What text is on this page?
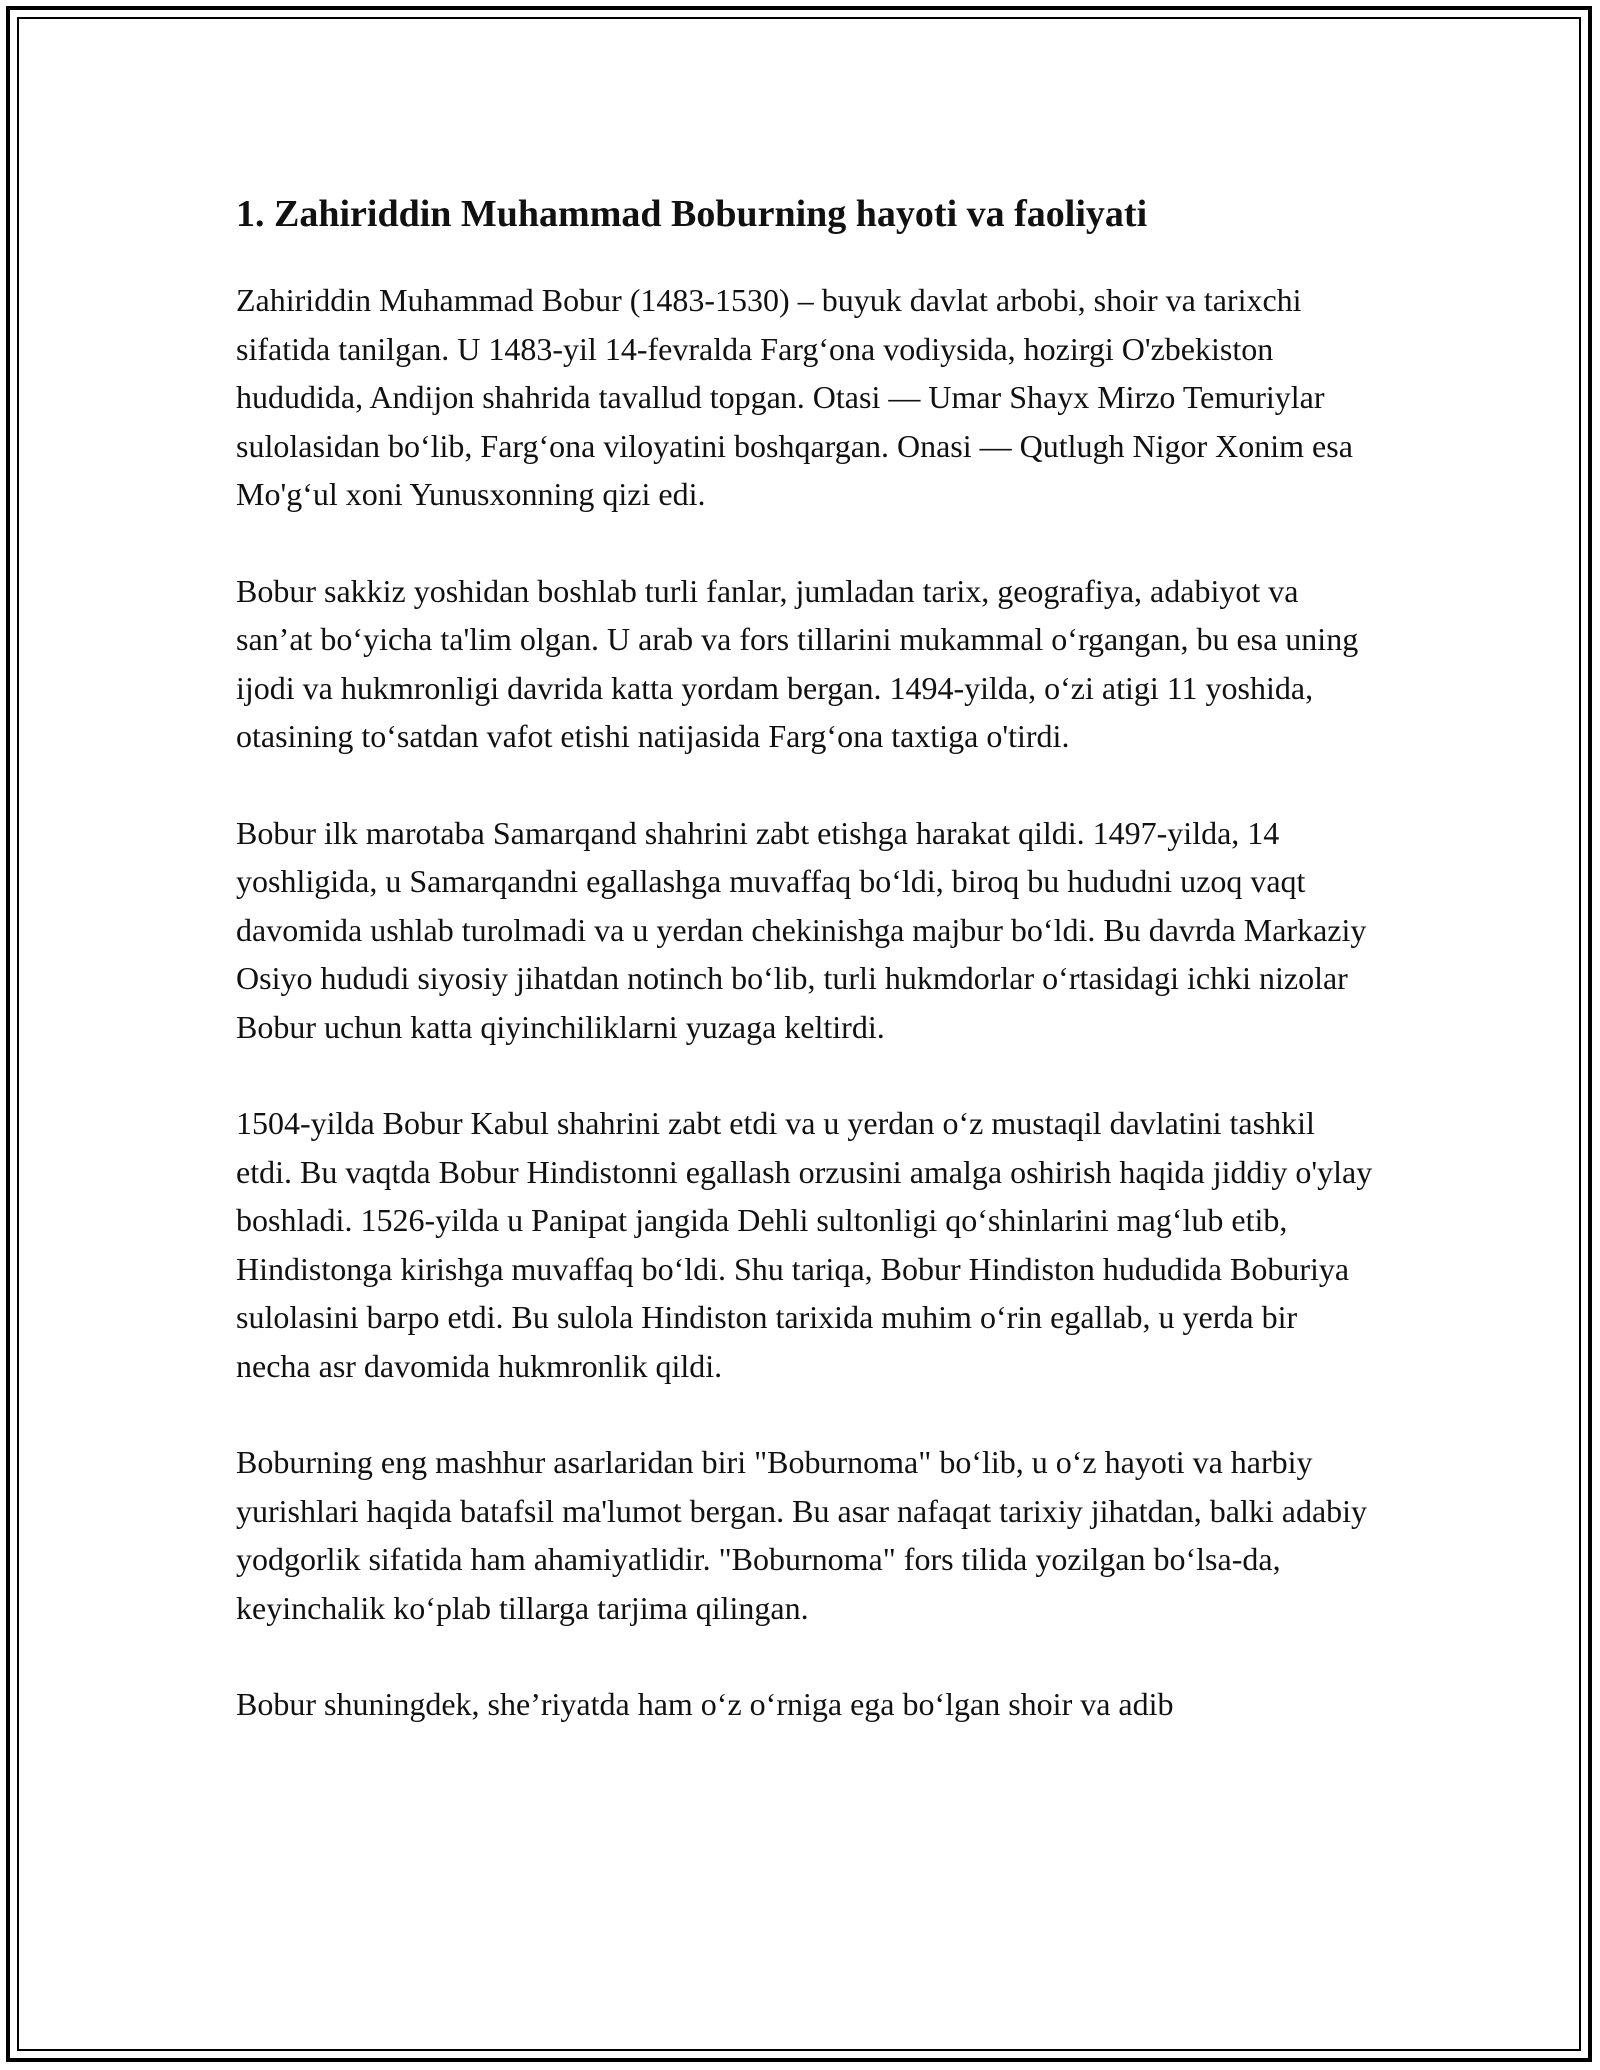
1. Zahiriddin Muhammad Boburning hayoti va faoliyati

Zahiriddin Muhammad Bobur (1483-1530) – buyuk davlat arbobi, shoir va tarixchi sifatida tanilgan. U 1483-yil 14-fevralda Farg‘ona vodiysida, hozirgi O'zbekiston hududida, Andijon shahrida tavallud topgan. Otasi — Umar Shayx Mirzo Temuriylar sulolasidan bo‘lib, Farg‘ona viloyatini boshqargan. Onasi — Qutlugh Nigor Xonim esa Mo'g‘ul xoni Yunusxonning qizi edi.

Bobur sakkiz yoshidan boshlab turli fanlar, jumladan tarix, geografiya, adabiyot va san’at bo‘yicha ta'lim olgan. U arab va fors tillarini mukammal o‘rgangan, bu esa uning ijodi va hukmronligi davrida katta yordam bergan. 1494-yilda, o‘zi atigi 11 yoshida, otasining to‘satdan vafot etishi natijasida Farg‘ona taxtiga o'tirdi.

Bobur ilk marotaba Samarqand shahrini zabt etishga harakat qildi. 1497-yilda, 14 yoshligida, u Samarqandni egallashga muvaffaq bo‘ldi, biroq bu hududni uzoq vaqt davomida ushlab turolmadi va u yerdan chekinishga majbur bo‘ldi. Bu davrda Markaziy Osiyo hududi siyosiy jihatdan notinch bo‘lib, turli hukmdorlar o‘rtasidagi ichki nizolar Bobur uchun katta qiyinchiliklarni yuzaga keltirdi.

1504-yilda Bobur Kabul shahrini zabt etdi va u yerdan o‘z mustaqil davlatini tashkil etdi. Bu vaqtda Bobur Hindistonni egallash orzusini amalga oshirish haqida jiddiy o'ylay boshladi. 1526-yilda u Panipat jangida Dehli sultonligi qo‘shinlarini mag‘lub etib, Hindistonga kirishga muvaffaq bo‘ldi. Shu tariqa, Bobur Hindiston hududida Boburiya sulolasini barpo etdi. Bu sulola Hindiston tarixida muhim o‘rin egallab, u yerda bir necha asr davomida hukmronlik qildi.

Boburning eng mashhur asarlaridan biri "Boburnoma" bo‘lib, u o‘z hayoti va harbiy yurishlari haqida batafsil ma'lumot bergan. Bu asar nafaqat tarixiy jihatdan, balki adabiy yodgorlik sifatida ham ahamiyatlidir. "Boburnoma" fors tilida yozilgan bo‘lsa-da, keyinchalik ko‘plab tillarga tarjima qilingan.

Bobur shuningdek, she’riyatda ham o‘z o‘rniga ega bo‘lgan shoir va adib
